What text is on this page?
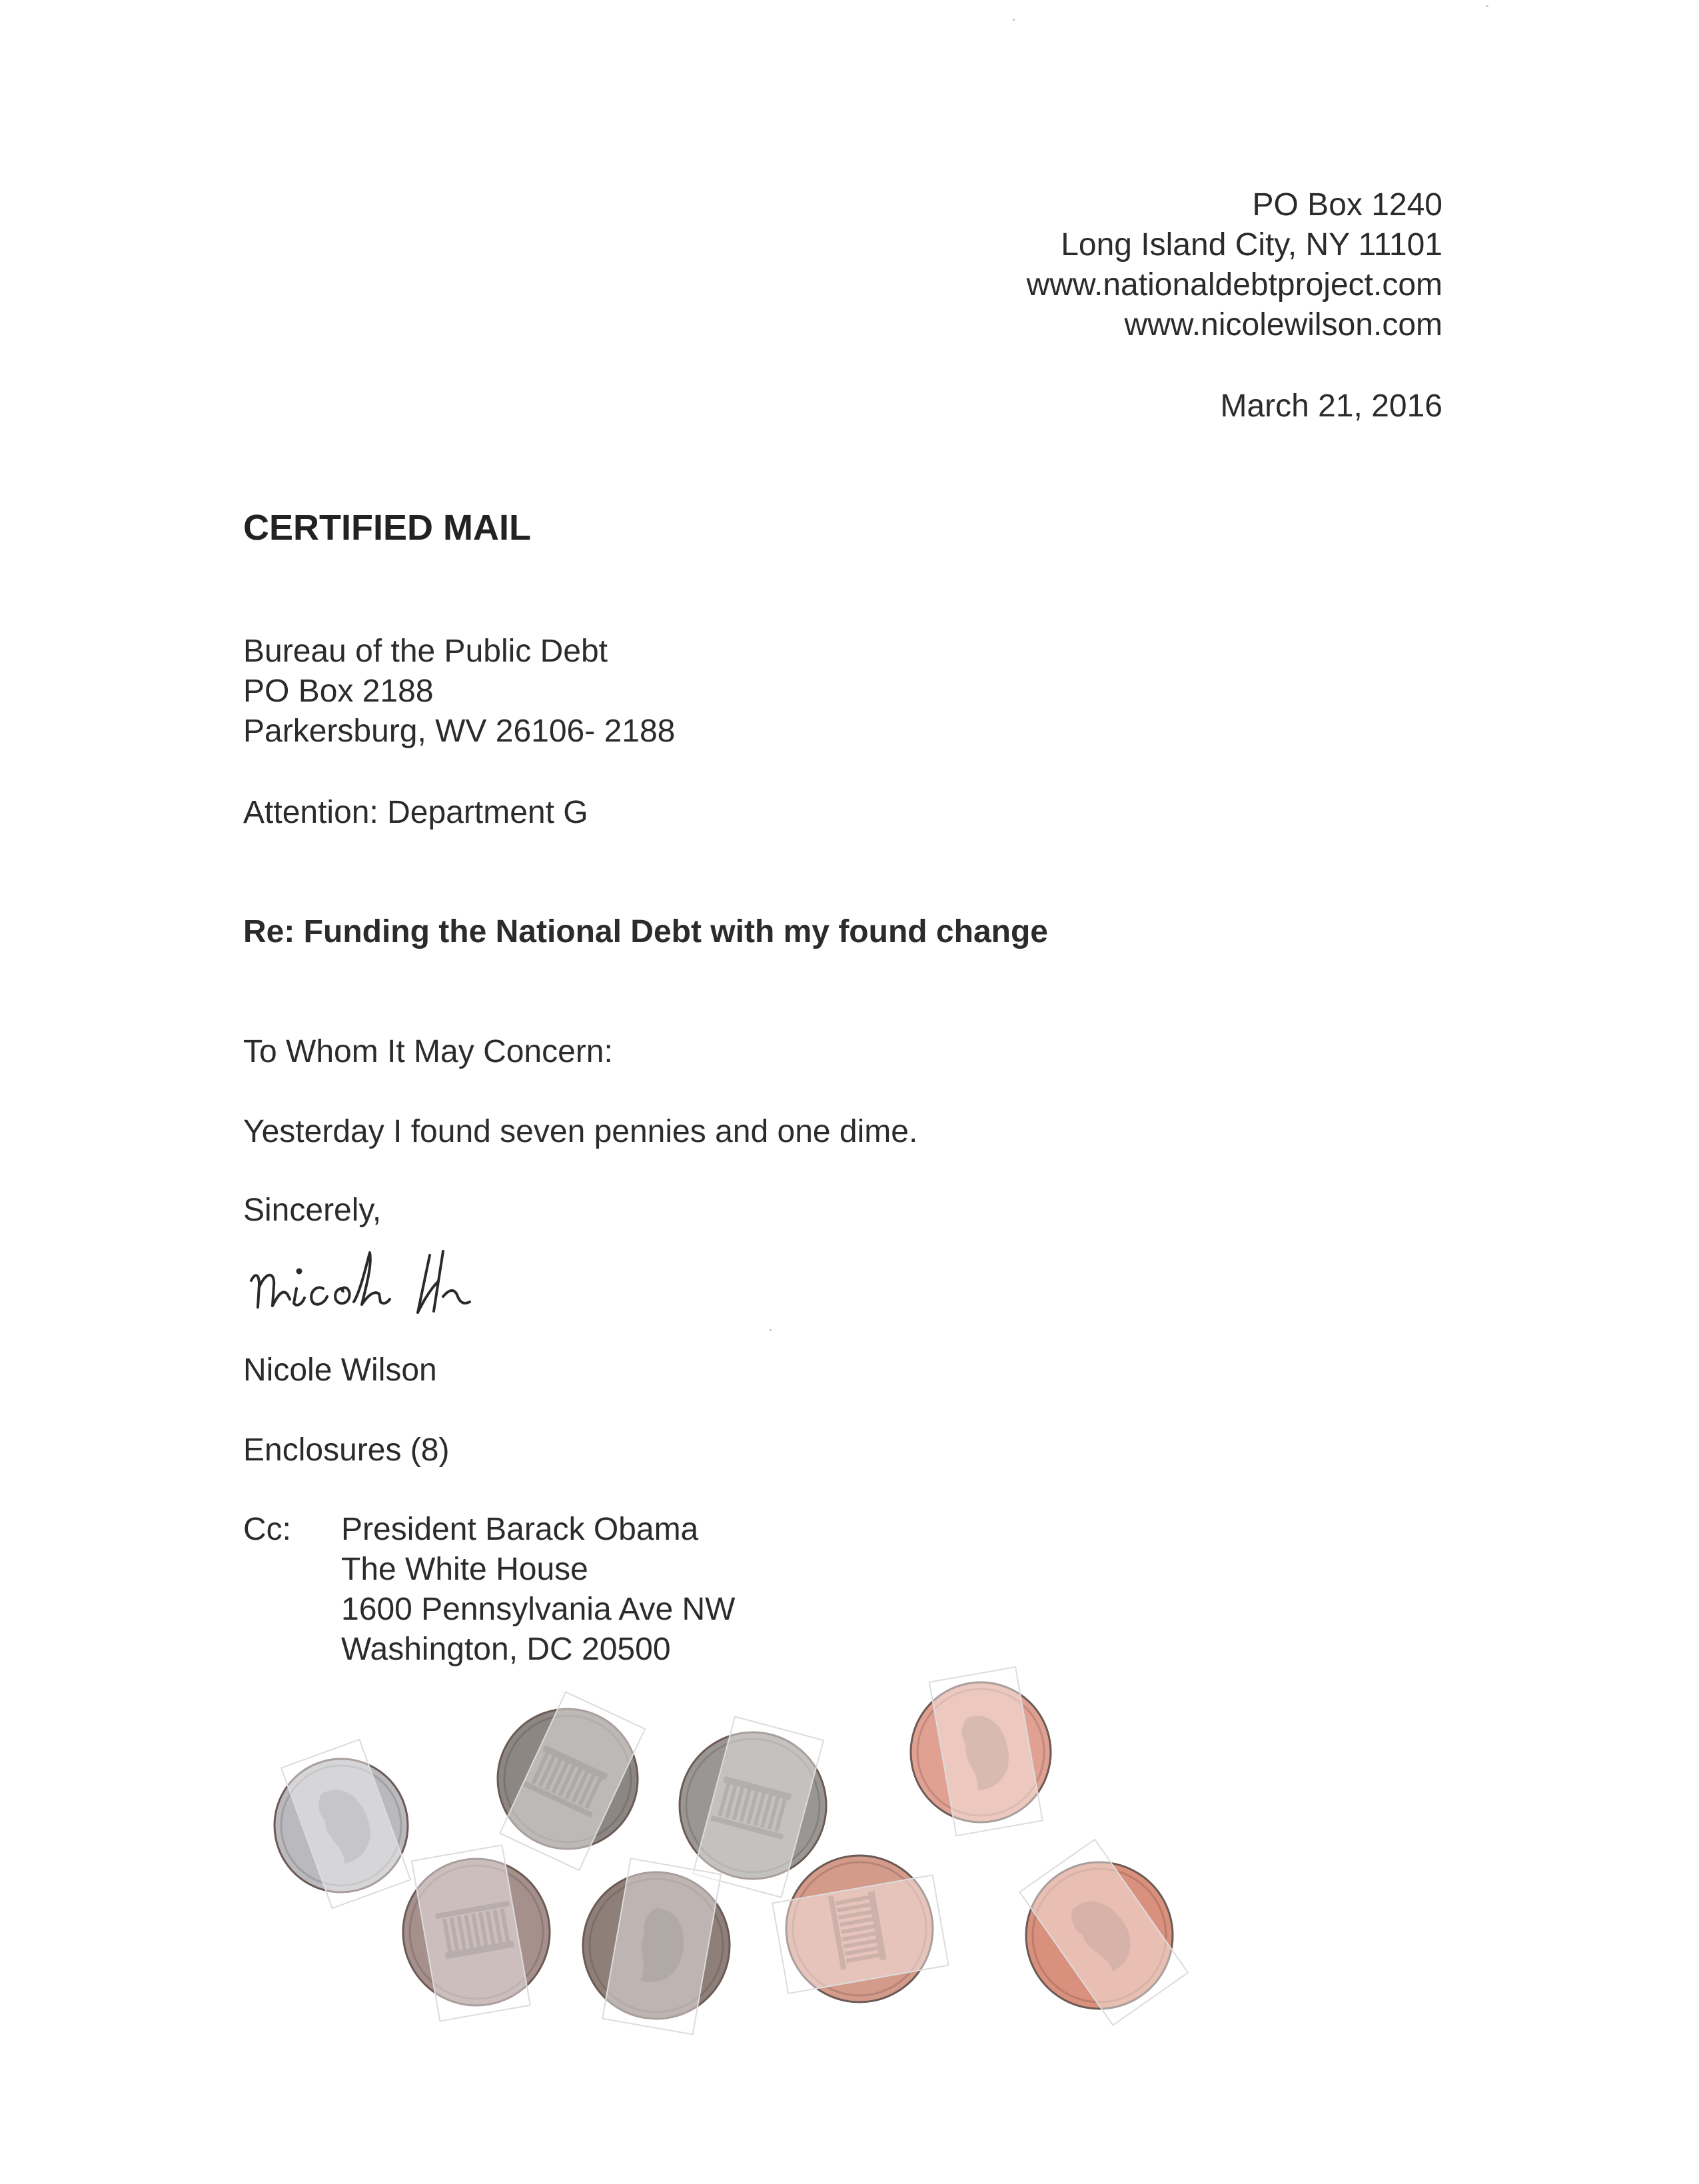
PO Box 1240
Long Island City, NY 11101
www.nationaldebtproject.com
www.nicolewilson.com
March 21, 2016
CERTIFIED MAIL
Bureau of the Public Debt
PO Box 2188
Parkersburg, WV 26106- 2188
Attention: Department G
Re: Funding the National Debt with my found change
To Whom It May Concern:
Yesterday I found seven pennies and one dime.
Sincerely,
Nicole Wilson
Enclosures (8)
Cc: President Barack Obama
The White House
1600 Pennsylvania Ave NW
Washington, DC 20500
